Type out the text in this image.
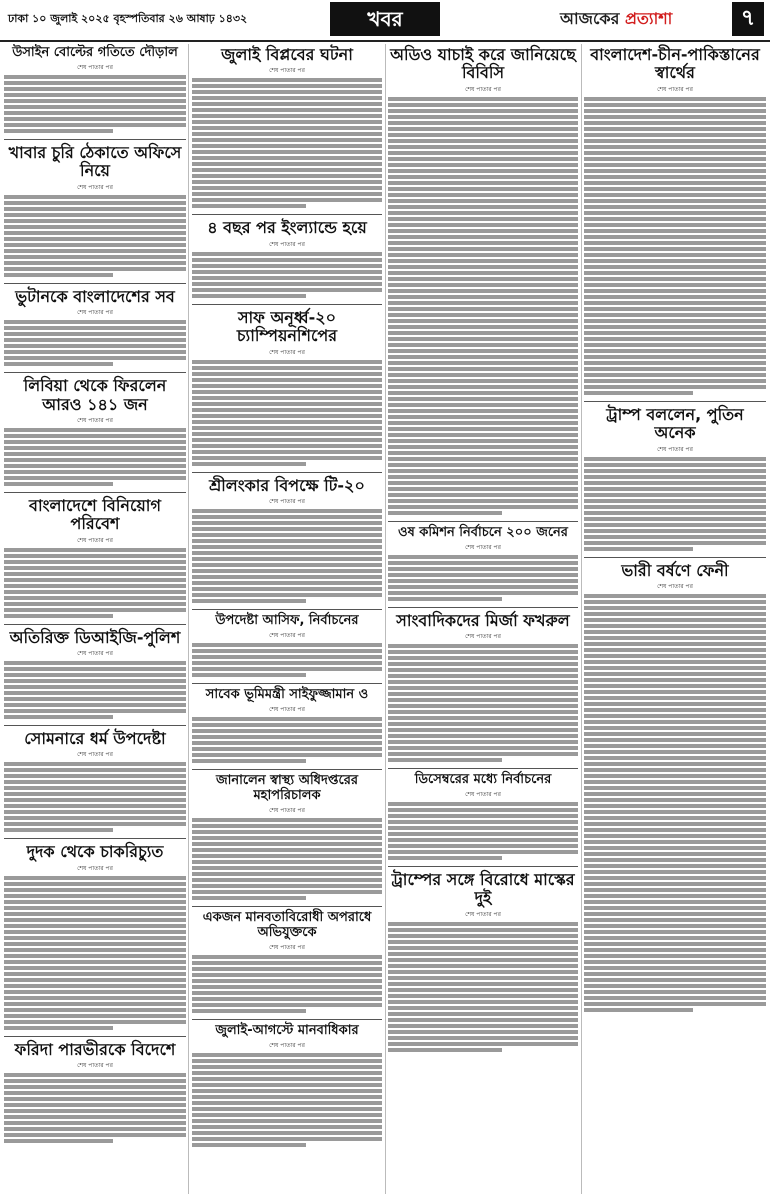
ঢাকা ১০ জুলাই ২০২৫ বৃহস্পতিবার ২৬ আষাঢ় ১৪৩২	খবর	আজকের প্রত্যাশা	৭
উসাইন বোল্টের গতিতে দৌড়াল
শেষ পাতার পর
খাবার চুরি ঠেকাতে অফিসে নিয়ে
শেষ পাতার পর
ভুটানকে বাংলাদেশের সব
শেষ পাতার পর
লিবিয়া থেকে ফিরলেন আরও ১৪১ জন
শেষ পাতার পর
বাংলাদেশে বিনিয়োগ পরিবেশ
শেষ পাতার পর
অতিরিক্ত ডিআইজি-পুলিশ
শেষ পাতার পর
সোমনারে ধর্ম উপদেষ্টা
শেষ পাতার পর
দুদক থেকে চাকরিচ্যুত
শেষ পাতার পর
ফরিদা পারভীরকে বিদেশে
শেষ পাতার পর
জুলাই বিপ্লবের ঘটনা
শেষ পাতার পর
৪ বছর পর ইংল্যান্ডে হয়ে
শেষ পাতার পর
সাফ অনূর্ধ্ব-২০ চ্যাম্পিয়নশিপের
শেষ পাতার পর
শ্রীলংকার বিপক্ষে টি-২০
শেষ পাতার পর
উপদেষ্টা আসিফ, নির্বাচনের
শেষ পাতার পর
সাবেক ভূমিমন্ত্রী সাইফুজ্জামান ও
শেষ পাতার পর
জানালেন স্বাস্থ্য অধিদপ্তরের মহাপরিচালক
শেষ পাতার পর
একজন মানবতাবিরোধী অপরাধে অভিযুক্তকে
শেষ পাতার পর
জুলাই-আগস্টে মানবাধিকার
শেষ পাতার পর
অডিও যাচাই করে জানিয়েছে বিবিসি
শেষ পাতার পর
ওষ কমিশন নির্বাচনে ২০০ জনের
শেষ পাতার পর
সাংবাদিকদের মির্জা ফখরুল
শেষ পাতার পর
ডিসেম্বরের মধ্যে নির্বাচনের
শেষ পাতার পর
ট্রাম্পের সঙ্গে বিরোধে মাস্কের দুই
শেষ পাতার পর
বাংলাদেশ-চীন-পাকিস্তানের স্বার্থের
শেষ পাতার পর
ট্রাম্প বললেন, পুতিন অনেক
শেষ পাতার পর
ভারী বর্ষণে ফেনী
শেষ পাতার পর
